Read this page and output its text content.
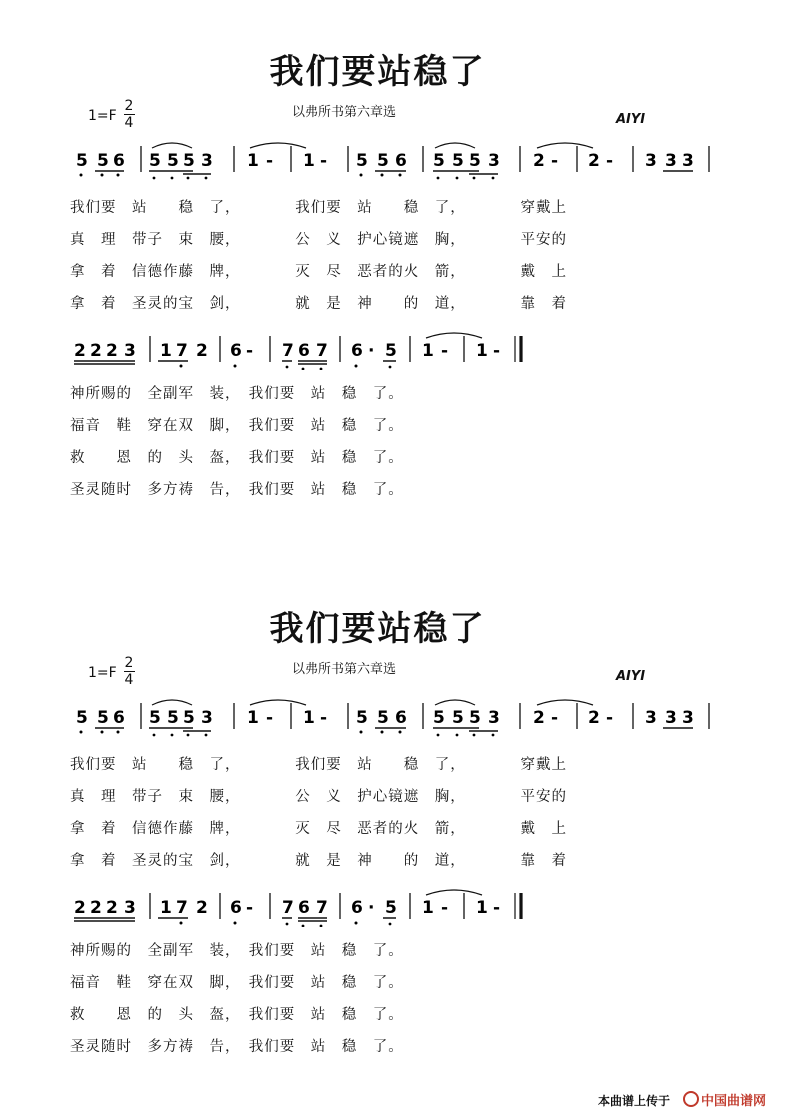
我们要站稳了
1=F
2
4
以弗所书第六章选	AIYI
5 5 6 5 5 5 3 1 - 1 - 5 5 6 5 5 5 3 2 - 2 - 3 3 3
我们要　站　　稳　了，　　　　我们要　站　　稳　了，　　　　穿戴上
真　理　带子　束　腰，　　　　公　义　护心镜遮　胸，　　　　平安的
拿　着　信德作藤　牌，　　　　灭　尽　恶者的火　箭，　　　　戴　上
拿　着　圣灵的宝　剑，　　　　就　是　神　　的　道，　　　　靠　着
2 2 2 3 1 7 2 6 - 7 6 7 6 · 5 1 - 1 -
神所赐的　全副军　装，　我们要　站　稳　了。
福音　鞋　穿在双　脚，　我们要　站　稳　了。
救　　恩　的　头　盔，　我们要　站　稳　了。
圣灵随时　多方祷　告，　我们要　站　稳　了。
我们要站稳了
1=F
2
4
以弗所书第六章选	AIYI
5 5 6 5 5 5 3 1 - 1 - 5 5 6 5 5 5 3 2 - 2 - 3 3 3
我们要　站　　稳　了，　　　　我们要　站　　稳　了，　　　　穿戴上
真　理　带子　束　腰，　　　　公　义　护心镜遮　胸，　　　　平安的
拿　着　信德作藤　牌，　　　　灭　尽　恶者的火　箭，　　　　戴　上
拿　着　圣灵的宝　剑，　　　　就　是　神　　的　道，　　　　靠　着
2 2 2 3 1 7 2 6 - 7 6 7 6 · 5 1 - 1 -
神所赐的　全副军　装，　我们要　站　稳　了。
福音　鞋　穿在双　脚，　我们要　站　稳　了。
救　　恩　的　头　盔，　我们要　站　稳　了。
圣灵随时　多方祷　告，　我们要　站　稳　了。
本曲谱上传于	中国曲谱网
